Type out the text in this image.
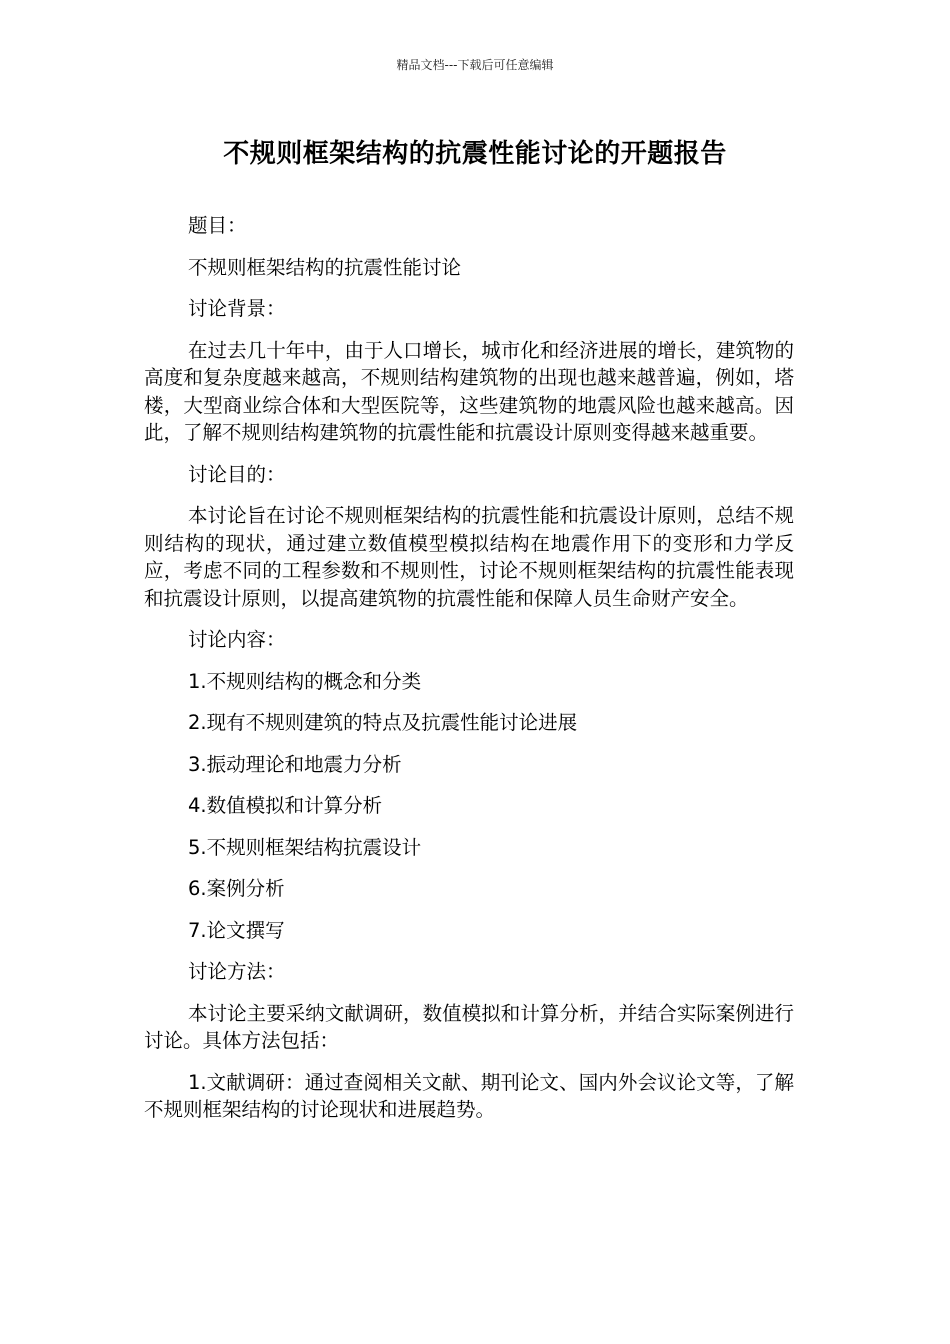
精品文档---下载后可任意编辑
不规则框架结构的抗震性能讨论的开题报告

题目：

不规则框架结构的抗震性能讨论

讨论背景：

在过去几十年中，由于人口增长，城市化和经济进展的增长，建筑物的高度和复杂度越来越高，不规则结构建筑物的出现也越来越普遍，例如，塔楼，大型商业综合体和大型医院等，这些建筑物的地震风险也越来越高。因此，了解不规则结构建筑物的抗震性能和抗震设计原则变得越来越重要。

讨论目的：

本讨论旨在讨论不规则框架结构的抗震性能和抗震设计原则，总结不规则结构的现状，通过建立数值模型模拟结构在地震作用下的变形和力学反应，考虑不同的工程参数和不规则性，讨论不规则框架结构的抗震性能表现和抗震设计原则，以提高建筑物的抗震性能和保障人员生命财产安全。

讨论内容：

1.不规则结构的概念和分类

2.现有不规则建筑的特点及抗震性能讨论进展

3.振动理论和地震力分析

4.数值模拟和计算分析

5.不规则框架结构抗震设计

6.案例分析

7.论文撰写

讨论方法：

本讨论主要采纳文献调研，数值模拟和计算分析，并结合实际案例进行讨论。具体方法包括：

1.文献调研：通过查阅相关文献、期刊论文、国内外会议论文等，了解不规则框架结构的讨论现状和进展趋势。
